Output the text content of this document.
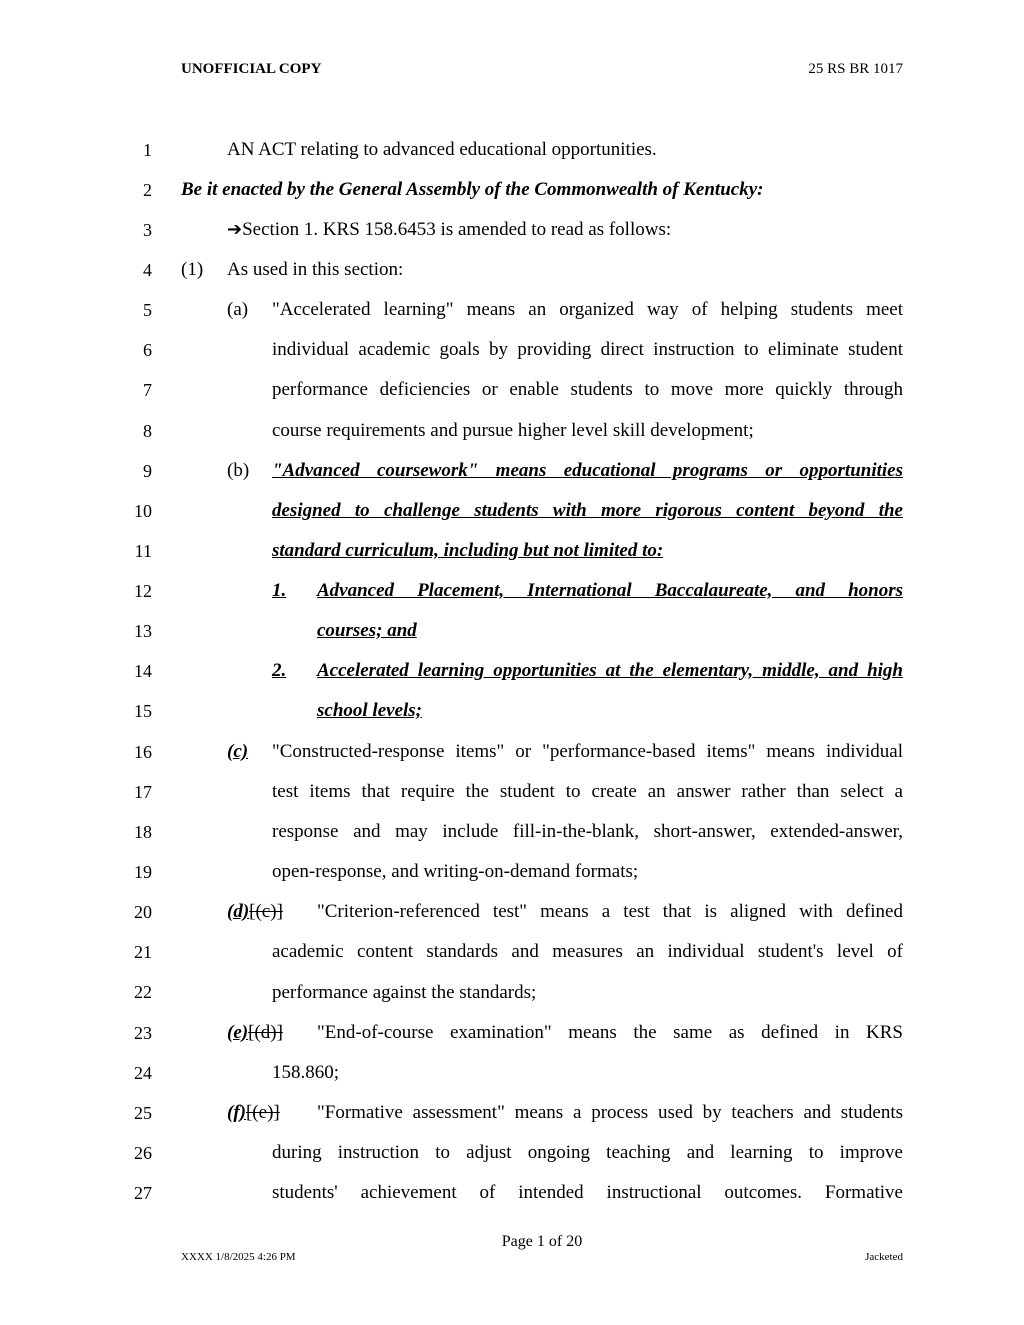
UNOFFICIAL COPY	25 RS BR 1017
1
2
3
4
5
6
7
8
9
10
11
12
13
14
15
16
17
18
19
20
21
22
23
24
25
26
27
AN ACT relating to advanced educational opportunities.
Be it enacted by the General Assembly of the Commonwealth of Kentucky:
➔Section 1. KRS 158.6453 is amended to read as follows:
(1) As used in this section:
(a) "Accelerated learning" means an organized way of helping students meet
individual academic goals by providing direct instruction to eliminate student
performance deficiencies or enable students to move more quickly through
course requirements and pursue higher level skill development;
(b) "Advanced coursework" means educational programs or opportunities
designed to challenge students with more rigorous content beyond the
standard curriculum, including but not limited to:
1. Advanced Placement, International Baccalaureate, and honors
courses; and
2. Accelerated learning opportunities at the elementary, middle, and high
school levels;
(c) "Constructed-response items" or "performance-based items" means individual
test items that require the student to create an answer rather than select a
response and may include fill-in-the-blank, short-answer, extended-answer,
open-response, and writing-on-demand formats;
(d)[(c)] "Criterion-referenced test" means a test that is aligned with defined
academic content standards and measures an individual student's level of
performance against the standards;
(e)[(d)] "End-of-course examination" means the same as defined in KRS
158.860;
(f)[(e)] "Formative assessment" means a process used by teachers and students
during instruction to adjust ongoing teaching and learning to improve
students' achievement of intended instructional outcomes. Formative
Page 1 of 20
XXXX 1/8/2025 4:26 PM	Jacketed
